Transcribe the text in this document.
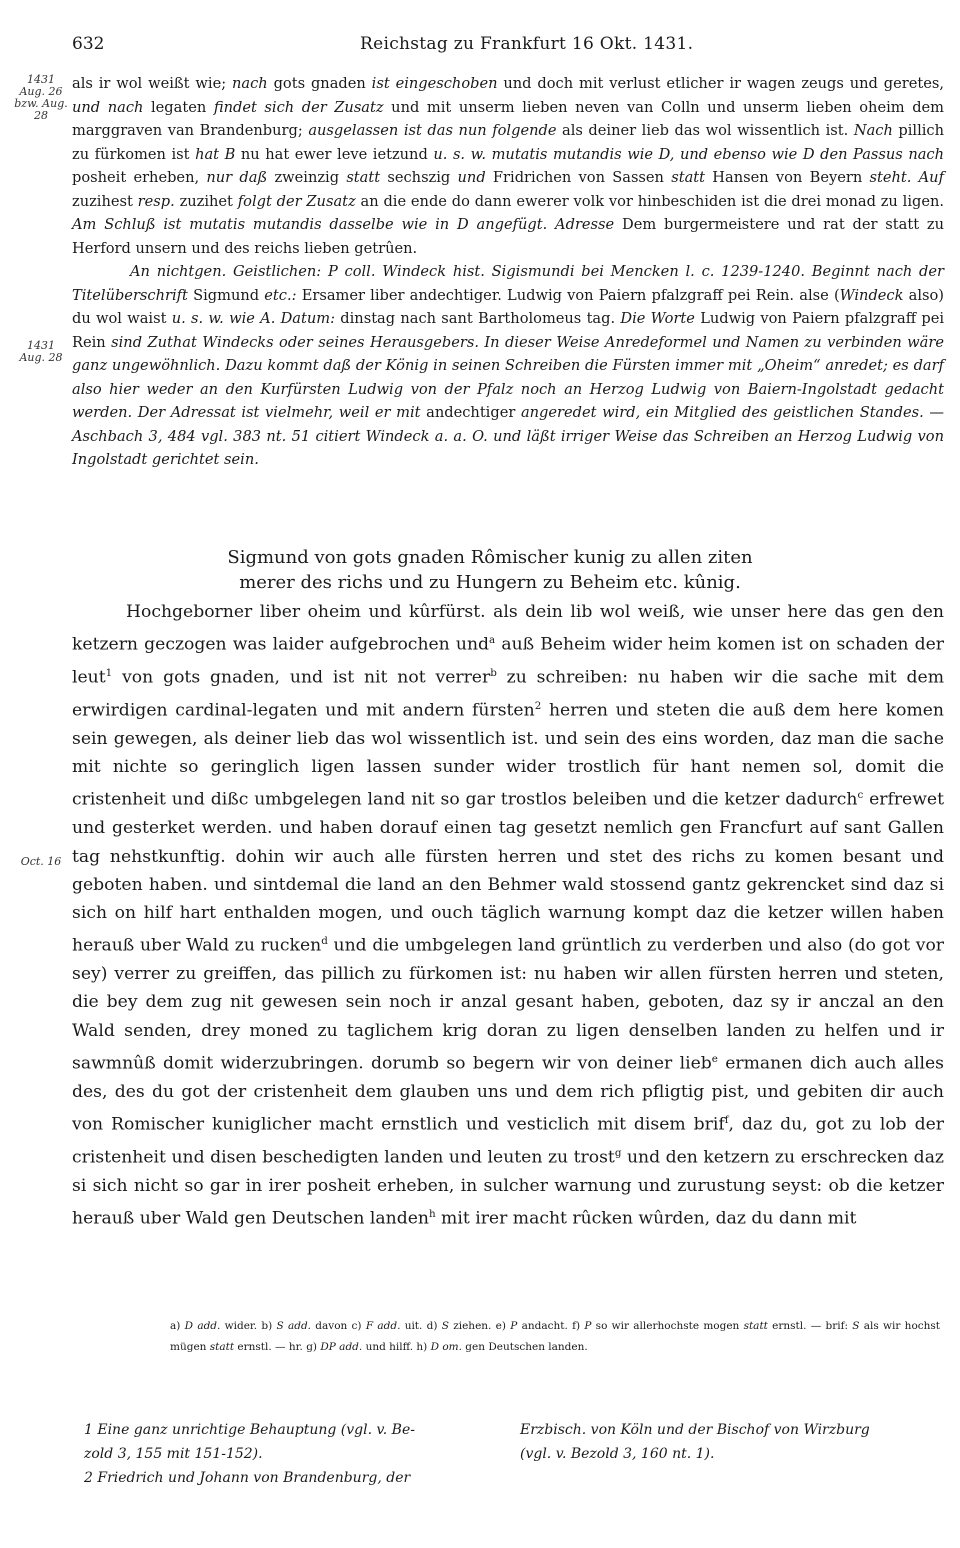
632	Reichstag zu Frankfurt 16 Okt. 1431.
1431 Aug. 26 bzw. Aug. 28
1431 Aug. 28
Oct. 16

als ir wol weißt wie; nach gots gnaden ist eingeschoben und doch mit verlust etlicher ir wagen zeugs und geretes, und nach legaten findet sich der Zusatz und mit unserm lieben neven van Colln und unserm lieben oheim dem marggraven van Brandenburg; ausgelassen ist das nun folgende als deiner lieb das wol wissentlich ist. Nach pillich zu fürkomen ist hat B nu hat ewer leve ietzund u. s. w. mutatis mutandis wie D, und ebenso wie D den Passus nach posheit erheben, nur daß zweinzig statt sechszig und Fridrichen von Sassen statt Hansen von Beyern steht. Auf zuzihest resp. zuzihet folgt der Zusatz an die ende do dann ewerer volk vor hinbeschiden ist die drei monad zu ligen. Am Schluß ist mutatis mutandis dasselbe wie in D angefügt. Adresse Dem burgermeistere und rat der statt zu Herford unsern und des reichs lieben getrûen.

An nichtgen. Geistlichen: P coll. Windeck hist. Sigismundi bei Mencken l. c. 1239-1240. Beginnt nach der Titelüberschrift Sigmund etc.: Ersamer liber andechtiger. Ludwig von Paiern pfalzgraff pei Rein. alse (Windeck also) du wol waist u. s. w. wie A. Datum: dinstag nach sant Bartholomeus tag. Die Worte Ludwig von Paiern pfalzgraff pei Rein sind Zuthat Windecks oder seines Herausgebers. In dieser Weise Anredeformel und Namen zu verbinden wäre ganz ungewöhnlich. Dazu kommt daß der König in seinen Schreiben die Fürsten immer mit „Oheim“ anredet; es darf also hier weder an den Kurfürsten Ludwig von der Pfalz noch an Herzog Ludwig von Baiern-Ingolstadt gedacht werden. Der Adressat ist vielmehr, weil er mit andechtiger angeredet wird, ein Mitglied des geistlichen Standes. — Aschbach 3, 484 vgl. 383 nt. 51 citiert Windeck a. a. O. und läßt irriger Weise das Schreiben an Herzog Ludwig von Ingolstadt gerichtet sein.

Sigmund von gots gnaden Rômischer kunig zu allen ziten

merer des richs und zu Hungern zu Beheim etc. kûnig.

Hochgeborner liber oheim und kûrfürst. als dein lib wol weiß, wie unser here das gen den ketzern geczogen was laider aufgebrochen und$^a$ auß Beheim wider heim komen ist on schaden der leut$^1$ von gots gnaden, und ist nit not verrer$^b$ zu schreiben: nu haben wir die sache mit dem erwirdigen cardinal-legaten und mit andern fürsten$^2$ herren und steten die auß dem here komen sein gewegen, als deiner lieb das wol wissentlich ist. und sein des eins worden, daz man die sache mit nichte so geringlich ligen lassen sunder wider trostlich für hant nemen sol, domit die cristenheit und dißc umbgelegen land nit so gar trostlos beleiben und die ketzer dadurch$^c$ erfrewet und gesterket werden. und haben dorauf einen tag gesetzt nemlich gen Francfurt auf sant Gallen tag nehstkunftig. dohin wir auch alle fürsten herren und stet des richs zu komen besant und geboten haben. und sintdemal die land an den Behmer wald stossend gantz gekrencket sind daz si sich on hilf hart enthalden mogen, und ouch täglich warnung kompt daz die ketzer willen haben herauß uber Wald zu rucken$^d$ und die umbgelegen land grüntlich zu verderben und also (do got vor sey) verrer zu greiffen, das pillich zu fürkomen ist: nu haben wir allen fürsten herren und steten, die bey dem zug nit gewesen sein noch ir anzal gesant haben, geboten, daz sy ir anczal an den Wald senden, drey moned zu taglichem krig doran zu ligen denselben landen zu helfen und ir sawmnûß domit widerzubringen. dorumb so begern wir von deiner lieb$^e$ ermanen dich auch alles des, des du got der cristenheit dem glauben uns und dem rich pfligtig pist, und gebiten dir auch von Romischer kuniglicher macht ernstlich und vesticlich mit disem brif$^f$, daz du, got zu lob der cristenheit und disen beschedigten landen und leuten zu trost$^g$ und den ketzern zu erschrecken daz si sich nicht so gar in irer posheit erheben, in sulcher warnung und zurustung seyst: ob die ketzer herauß uber Wald gen Deutschen landen$^h$ mit irer macht rûcken wûrden, daz du dann mit

a) D add. wider. b) S add. davon c) F add. uit. d) S ziehen. e) P andacht. f) P so wir allerhochste mogen statt ernstl. — brif: S als wir hochst mügen statt ernstl. — hr. g) DP add. und hilff. h) D om. gen Deutschen landen.

1 Eine ganz unrichtige Behauptung (vgl. v. Be-

zold 3, 155 mit 151-152).

2 Friedrich und Johann von Brandenburg, der

Erzbisch. von Köln und der Bischof von Wirzburg

(vgl. v. Bezold 3, 160 nt. 1).
